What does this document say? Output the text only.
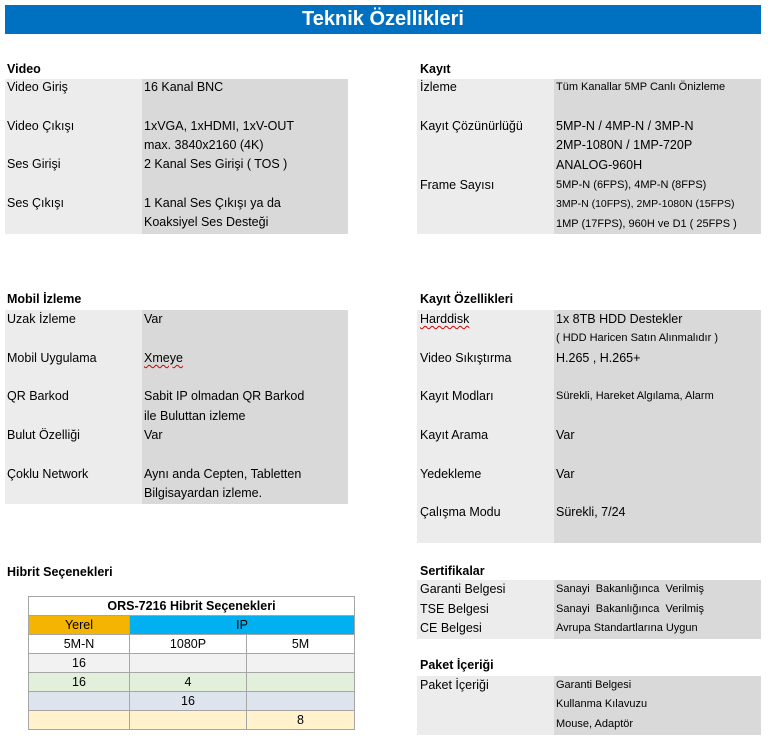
Teknik Özellikleri
Video
Video Giriş	16 Kanal BNC
Video Çıkışı	1xVGA, 1xHDMI, 1xV-OUT
max. 3840x2160 (4K)
Ses Girişi	2 Kanal Ses Girişi ( TOS )
Ses Çıkışı	1 Kanal Ses Çıkışı ya da
Koaksiyel Ses Desteği
Kayıt
İzleme	Tüm Kanallar 5MP Canlı Önizleme
Kayıt Çözünürlüğü	5MP-N / 4MP-N / 3MP-N
2MP-1080N / 1MP-720P
ANALOG-960H
Frame Sayısı	5MP-N (6FPS), 4MP-N (8FPS)
3MP-N (10FPS), 2MP-1080N (15FPS)
1MP (17FPS), 960H ve D1 ( 25FPS )
Mobil İzleme
Uzak İzleme	Var
Mobil Uygulama	Xmeye
QR Barkod	Sabit IP olmadan QR Barkod
ile Buluttan izleme
Bulut Özelliği	Var
Çoklu Network	Aynı anda Cepten, Tabletten
Bilgisayardan izleme.
Kayıt Özellikleri
Harddisk	1x 8TB HDD Destekler
( HDD Haricen Satın Alınmalıdır )
Video Sıkıştırma	H.265 , H.265+
Kayıt Modları	Sürekli, Hareket Algılama, Alarm
Kayıt Arama	Var
Yedekleme	Var
Çalışma Modu	Sürekli, 7/24
Hibrit Seçenekleri
ORS-7216 Hibrit Seçenekleri		
Yerel	IP	
5M-N	1080P	5M
16		
16	4	
	16	
		8
Sertifikalar
Garanti Belgesi	Sanayi  Bakanlığınca  Verilmiş
TSE Belgesi	Sanayi  Bakanlığınca  Verilmiş
CE Belgesi	Avrupa Standartlarına Uygun
Paket İçeriği
Paket İçeriği	Garanti Belgesi
Kullanma Kılavuzu
Mouse, Adaptör
